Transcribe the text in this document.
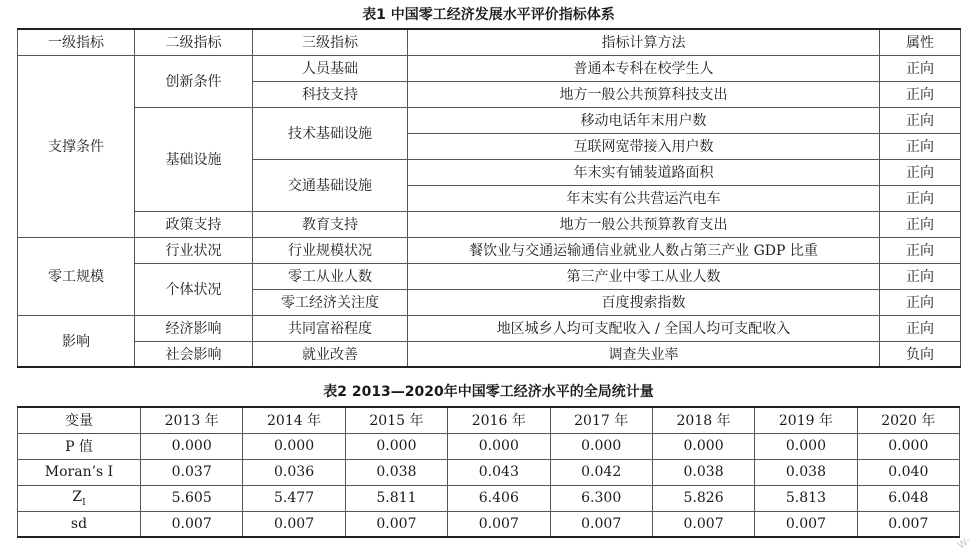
表1 中国零工经济发展水平评价指标体系
一级指标	二级指标	三级指标	指标计算方法	属性
支撑条件	创新条件	人员基础	普通本专科在校学生人	正向
		科技支持	地方一般公共预算科技支出	正向
	基础设施	技术基础设施	移动电话年末用户数	正向
			互联网宽带接入用户数	正向
		交通基础设施	年末实有铺装道路面积	正向
			年末实有公共营运汽电车	正向
	政策支持	教育支持	地方一般公共预算教育支出	正向
零工规模	行业状况	行业规模状况	餐饮业与交通运输通信业就业人数占第三产业 GDP 比重	正向
	个体状况	零工从业人数	第三产业中零工从业人数	正向
		零工经济关注度	百度搜索指数	正向
影响	经济影响	共同富裕程度	地区城乡人均可支配收入 / 全国人均可支配收入	正向
	社会影响	就业改善	调查失业率	负向
表2 2013—2020年中国零工经济水平的全局统计量
变量	2013 年	2014 年	2015 年	2016 年	2017 年	2018 年	2019 年	2020 年
P 值	0.000	0.000	0.000	0.000	0.000	0.000	0.000	0.000
Moran’s I	0.037	0.036	0.038	0.043	0.042	0.038	0.038	0.040
$Z_I$	5.605	5.477	5.811	6.406	6.300	5.826	5.813	6.048
sd	0.007	0.007	0.007	0.007	0.007	0.007	0.007	0.007
W-
